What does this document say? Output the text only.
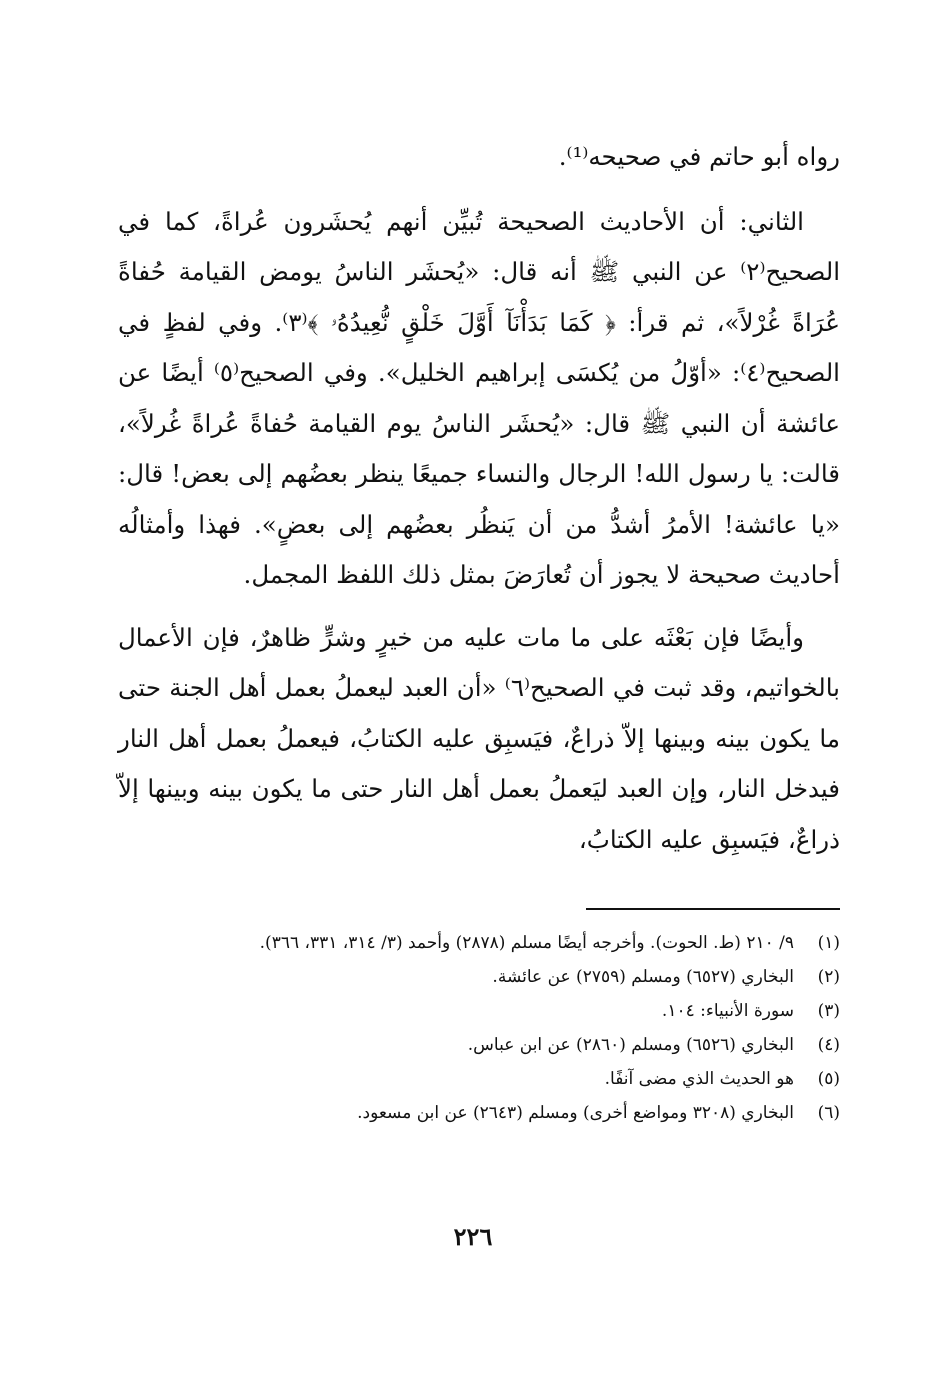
رواه أبو حاتم في صحيحه⁽¹⁾.

الثاني: أن الأحاديث الصحيحة تُبيِّن أنهم يُحشَرون عُراةً، كما في الصحيح⁽٢⁾ عن النبي ﷺ أنه قال: «يُحشَر الناسُ يومض القيامة حُفاةً عُرَاةً غُرْلاً»، ثم قرأ: ﴿ كَمَا بَدَأْنَآ أَوَّلَ خَلْقٍ نُّعِيدُهُۥ ﴾⁽٣⁾. وفي لفظٍ في الصحيح⁽٤⁾: «أوّلُ من يُكسَى إبراهيم الخليل». وفي الصحيح⁽٥⁾ أيضًا عن عائشة أن النبي ﷺ قال: «يُحشَر الناسُ يوم القيامة حُفاةً عُراةً غُرلاً»، قالت: يا رسول الله! الرجال والنساء جميعًا ينظر بعضُهم إلى بعض! قال: «يا عائشة! الأمرُ أشدُّ من أن يَنظُر بعضُهم إلى بعضٍ». فهذا وأمثالُه أحاديث صحيحة لا يجوز أن تُعارَضَ بمثل ذلك اللفظ المجمل.

وأيضًا فإن بَعْثَه على ما مات عليه من خيرٍ وشرٍّ ظاهرٌ، فإن الأعمال بالخواتيم، وقد ثبت في الصحيح⁽٦⁾ «أن العبد ليعملُ بعمل أهل الجنة حتى ما يكون بينه وبينها إلاّ ذراعٌ، فيَسبِق عليه الكتابُ، فيعملُ بعمل أهل النار فيدخل النار، وإن العبد ليَعملُ بعمل أهل النار حتى ما يكون بينه وبينها إلاّ ذراعٌ، فيَسبِق عليه الكتابُ،

(١)
٩/ ٢١٠ (ط. الحوت). وأخرجه أيضًا مسلم (٢٨٧٨) وأحمد (٣/ ٣١٤، ٣٣١، ٣٦٦).
(٢)
البخاري (٦٥٢٧) ومسلم (٢٧٥٩) عن عائشة.
(٣)
سورة الأنبياء: ١٠٤.
(٤)
البخاري (٦٥٢٦) ومسلم (٢٨٦٠) عن ابن عباس.
(٥)
هو الحديث الذي مضى آنفًا.
(٦)
البخاري (٣٢٠٨ ومواضع أخرى) ومسلم (٢٦٤٣) عن ابن مسعود.
٢٢٦
